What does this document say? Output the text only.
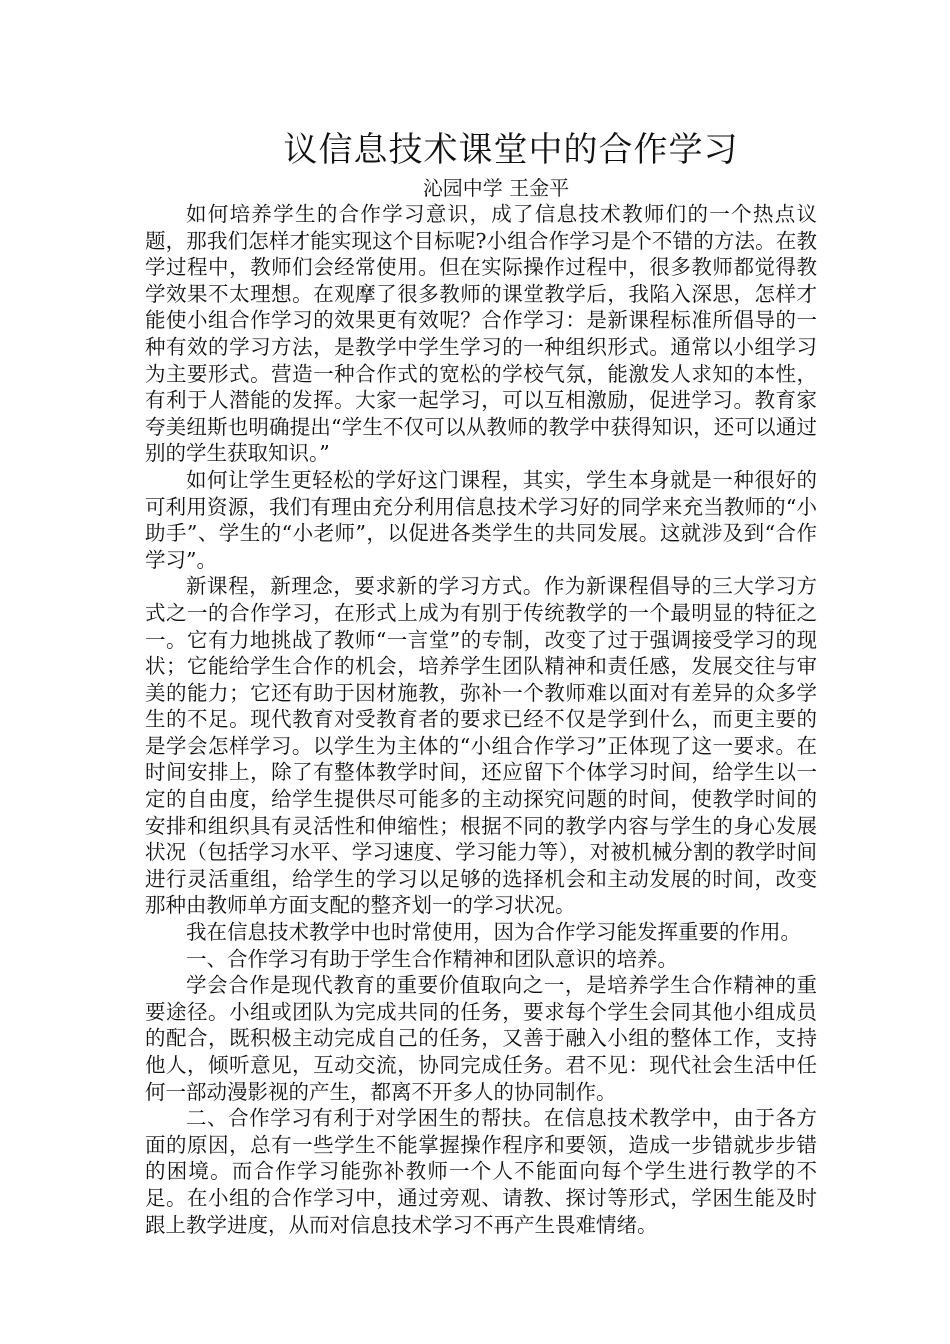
议信息技术课堂中的合作学习
沁园中学 王金平

如何培养学生的合作学习意识，成了信息技术教师们的一个热点议题，那我们怎样才能实现这个目标呢?小组合作学习是个不错的方法。在教学过程中，教师们会经常使用。但在实际操作过程中，很多教师都觉得教学效果不太理想。在观摩了很多教师的课堂教学后，我陷入深思，怎样才能使小组合作学习的效果更有效呢？合作学习：是新课程标准所倡导的一种有效的学习方法，是教学中学生学习的一种组织形式。通常以小组学习为主要形式。营造一种合作式的宽松的学校气氛，能激发人求知的本性，有利于人潜能的发挥。大家一起学习，可以互相激励，促进学习。教育家夸美纽斯也明确提出“学生不仅可以从教师的教学中获得知识，还可以通过别的学生获取知识。”

如何让学生更轻松的学好这门课程，其实，学生本身就是一种很好的可利用资源，我们有理由充分利用信息技术学习好的同学来充当教师的“小助手”、学生的“小老师”，以促进各类学生的共同发展。这就涉及到“合作学习”。

新课程，新理念，要求新的学习方式。作为新课程倡导的三大学习方式之一的合作学习，在形式上成为有别于传统教学的一个最明显的特征之一。它有力地挑战了教师“一言堂”的专制，改变了过于强调接受学习的现状；它能给学生合作的机会，培养学生团队精神和责任感，发展交往与审美的能力；它还有助于因材施教，弥补一个教师难以面对有差异的众多学生的不足。现代教育对受教育者的要求已经不仅是学到什么，而更主要的是学会怎样学习。以学生为主体的“小组合作学习”正体现了这一要求。在时间安排上，除了有整体教学时间，还应留下个体学习时间，给学生以一定的自由度，给学生提供尽可能多的主动探究问题的时间，使教学时间的安排和组织具有灵活性和伸缩性；根据不同的教学内容与学生的身心发展状况（包括学习水平、学习速度、学习能力等），对被机械分割的教学时间进行灵活重组，给学生的学习以足够的选择机会和主动发展的时间，改变那种由教师单方面支配的整齐划一的学习状况。

我在信息技术教学中也时常使用，因为合作学习能发挥重要的作用。

一、合作学习有助于学生合作精神和团队意识的培养。

学会合作是现代教育的重要价值取向之一，是培养学生合作精神的重要途径。小组或团队为完成共同的任务，要求每个学生会同其他小组成员的配合，既积极主动完成自己的任务，又善于融入小组的整体工作，支持他人，倾听意见，互动交流，协同完成任务。君不见：现代社会生活中任何一部动漫影视的产生，都离不开多人的协同制作。

二、合作学习有利于对学困生的帮扶。在信息技术教学中，由于各方面的原因，总有一些学生不能掌握操作程序和要领，造成一步错就步步错的困境。而合作学习能弥补教师一个人不能面向每个学生进行教学的不足。在小组的合作学习中，通过旁观、请教、探讨等形式，学困生能及时跟上教学进度，从而对信息技术学习不再产生畏难情绪。
